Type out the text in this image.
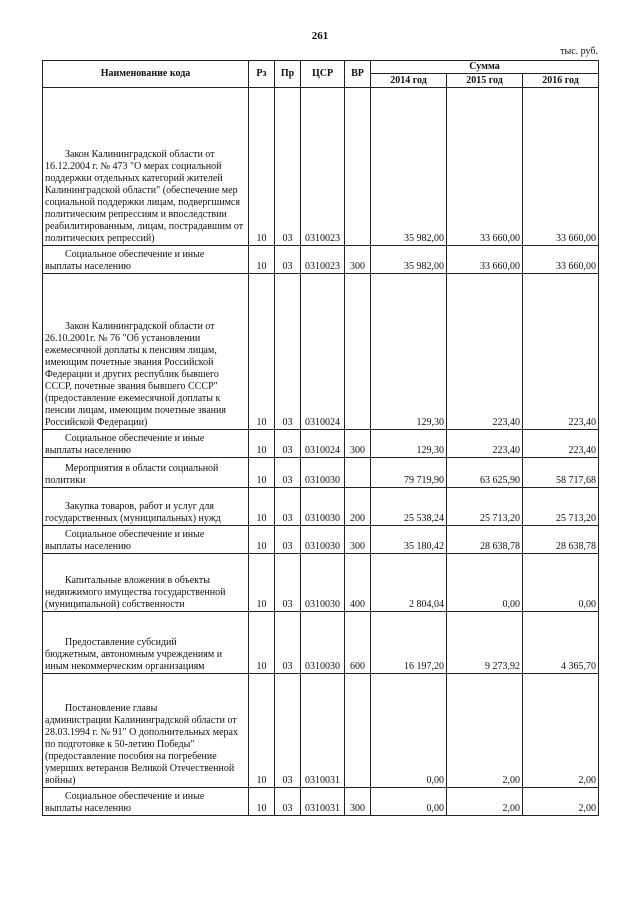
261
тыс. руб.
Наименование кода	Рз	Пр	ЦСР	ВР	Сумма		
					2014 год	2015 год	2016 год

Закон Калининградской области от
16.12.2004 г. № 473 "О мерах социальной поддержки отдельных категорий жителей Калининградской области" (обеспечение мер социальной поддержки лицам, подвергшимся политическим репрессиям и впоследствии реабилитированным, лицам, пострадавшим от политических репрессий)	10	03	0310023		35 982,00	33 660,00	33 660,00

Социальное обеспечение и иные
выплаты населению	10	03	0310023	300	35 982,00	33 660,00	33 660,00

Закон Калининградской области от
26.10.2001г. № 76 "Об установлении ежемесячной доплаты к пенсиям лицам, имеющим почетные звания Российской Федерации и других республик бывшего СССР, почетные звания бывшего СССР" (предоставление ежемесячной доплаты к пенсии лицам, имеющим почетные звания Российской Федерации)	10	03	0310024		129,30	223,40	223,40

Социальное обеспечение и иные
выплаты населению	10	03	0310024	300	129,30	223,40	223,40

Мероприятия в области социальной
политики	10	03	0310030		79 719,90	63 625,90	58 717,68

Закупка товаров, работ и услуг для
государственных (муниципальных) нужд	10	03	0310030	200	25 538,24	25 713,20	25 713,20

Социальное обеспечение и иные
выплаты населению	10	03	0310030	300	35 180,42	28 638,78	28 638,78

Капитальные вложения в объекты
недвижимого имущества государственной (муниципальной) собственности	10	03	0310030	400	2 804,04	0,00	0,00

Предоставление субсидий
бюджетным, автономным учреждениям и иным некоммерческим организациям	10	03	0310030	600	16 197,20	9 273,92	4 365,70

Постановление главы
администрации Калининградской области от 28.03.1994 г. № 91" О дополнительных мерах по подготовке к 50-летию Победы" (предоставление пособия на погребение умерших ветеранов Великой Отечественной войны)	10	03	0310031		0,00	2,00	2,00

Социальное обеспечение и иные
выплаты населению	10	03	0310031	300	0,00	2,00	2,00
